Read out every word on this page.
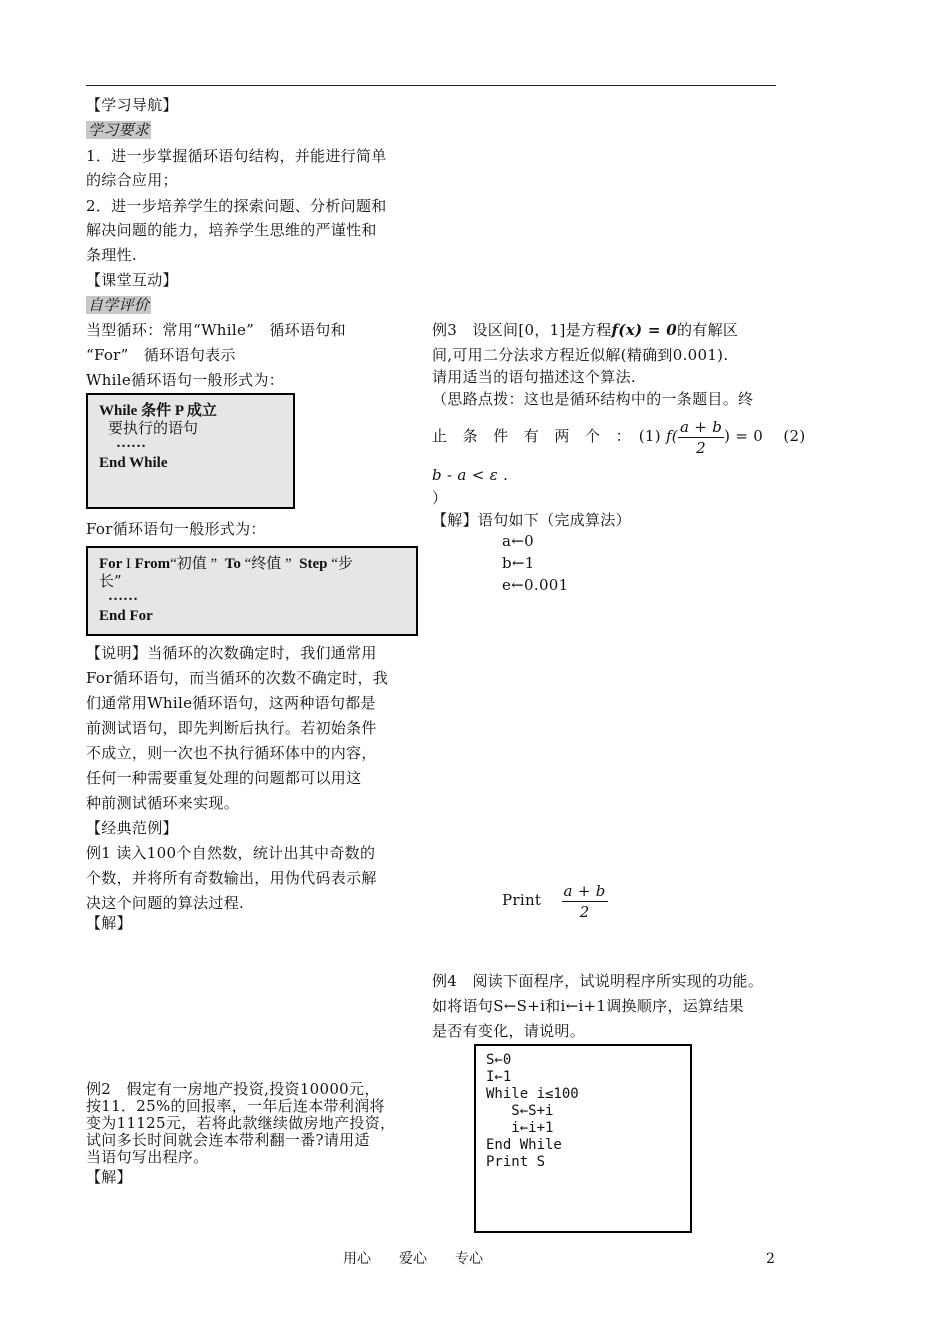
【学习导航】
学习要求
1．进一步掌握循环语句结构，并能进行简单
的综合应用；
2．进一步培养学生的探索问题、分析问题和
解决问题的能力，培养学生思维的严谨性和
条理性.
【课堂互动】
自学评价
当型循环：常用“While”　循环语句和
“For”　循环语句表示
While循环语句一般形式为：
While 条件 P 成立
要执行的语句
……
End While
For循环语句一般形式为：
For I From“初值 ” To “终值 ” Step “步
长”
……
End For
【说明】当循环的次数确定时，我们通常用
For循环语句，而当循环的次数不确定时，我
们通常用While循环语句，这两种语句都是
前测试语句，即先判断后执行。若初始条件
不成立，则一次也不执行循环体中的内容，
任何一种需要重复处理的问题都可以用这
种前测试循环来实现。
【经典范例】
例1 读入100个自然数，统计出其中奇数的
个数，并将所有奇数输出，用伪代码表示解
决这个问题的算法过程.
【解】
例2　假定有一房地产投资,投资10000元，
按11．25%的回报率，一年后连本带利润将
变为11125元，若将此款继续做房地产投资，
试问多长时间就会连本带利翻一番?请用适
当语句写出程序。
【解】
例3　设区间[0，1]是方程f(x) = 0的有解区
间,可用二分法求方程近似解(精确到0.001).
请用适当的语句描述这个算法.
（思路点拨：这也是循环结构中的一条题目。终
止　条　件　有　两　个　：　(1) $f( \frac{a + b}{2}$ ) = 0 (2)
b - a < ε .
）
【解】语句如下（完成算法）
a←0
b←1
e←0.001
Print $\frac{a + b}{2}$
例4　阅读下面程序，试说明程序所实现的功能。
如将语句S←S+i和i←i+1调换顺序，运算结果
是否有变化，请说明。
S←0
I←1
While i≤100
S←S+i
i←i+1
End While
Print S
用心　　爱心　　专心	2
